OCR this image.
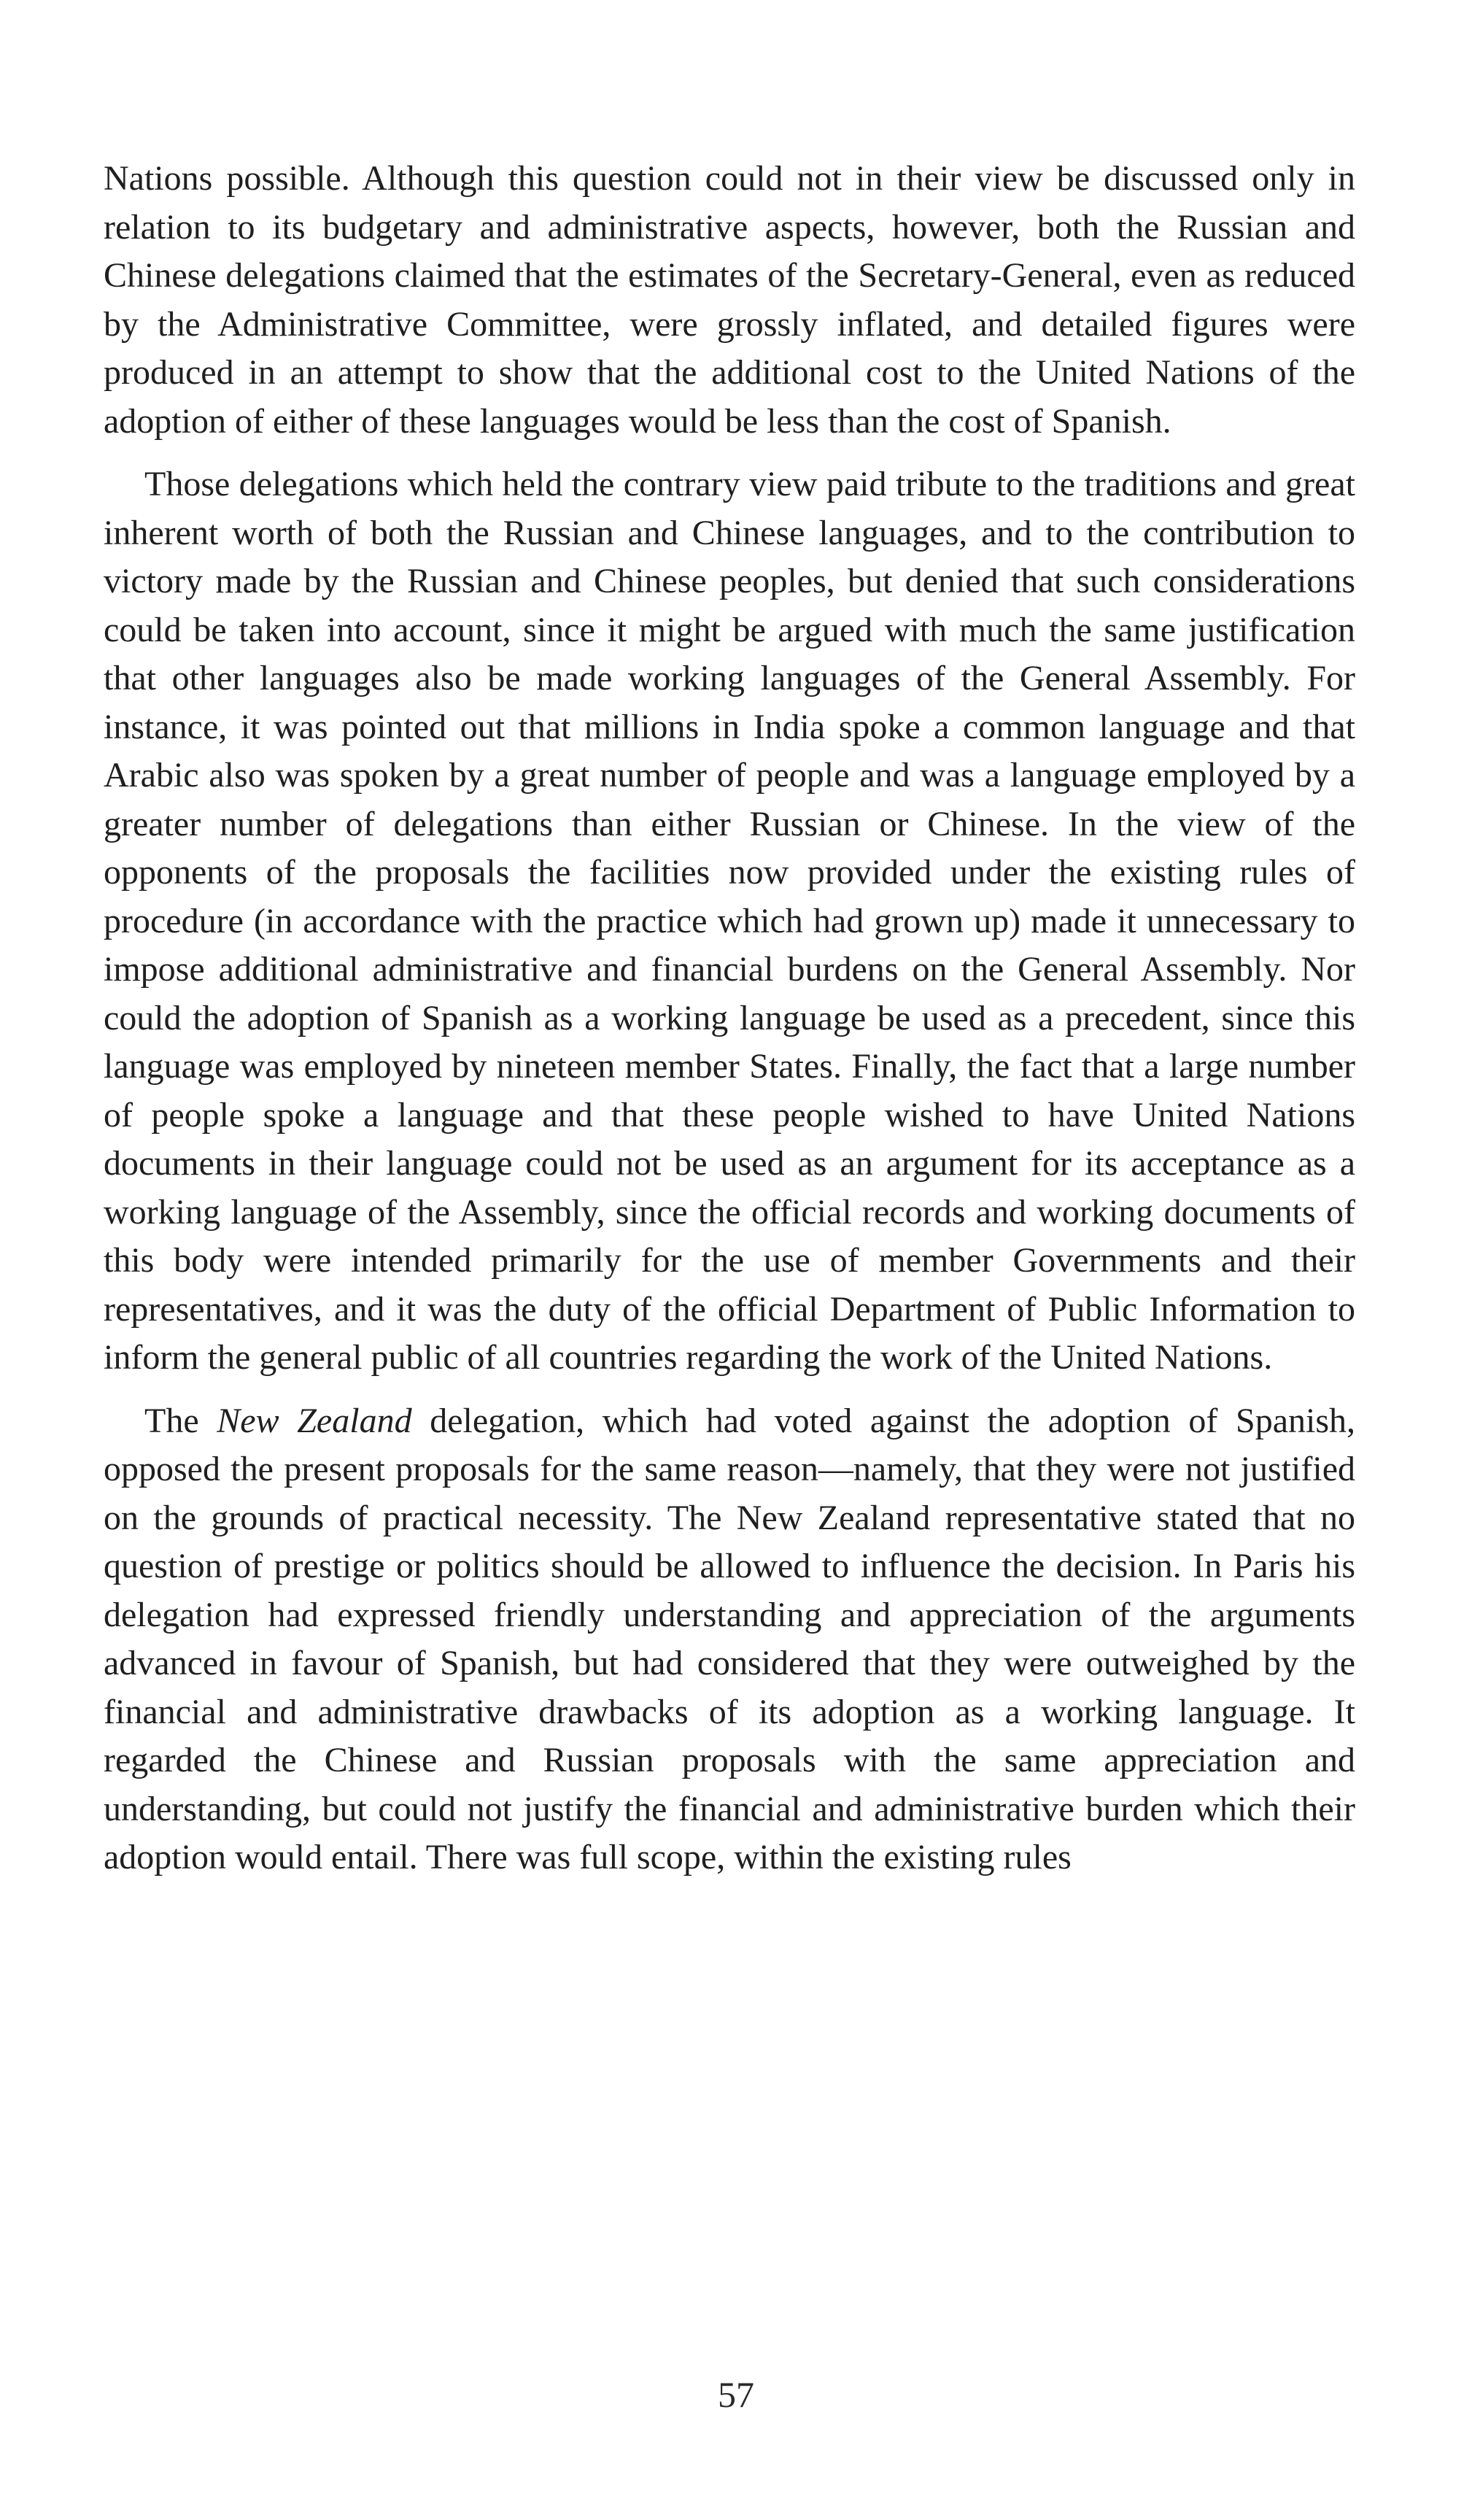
Nations possible. Although this question could not in their view be discussed only in relation to its budgetary and administrative aspects, however, both the Russian and Chinese delegations claimed that the estimates of the Secretary-General, even as reduced by the Administrative Committee, were grossly inflated, and detailed figures were produced in an attempt to show that the additional cost to the United Nations of the adoption of either of these languages would be less than the cost of Spanish.

Those delegations which held the contrary view paid tribute to the traditions and great inherent worth of both the Russian and Chinese languages, and to the contribution to victory made by the Russian and Chinese peoples, but denied that such considerations could be taken into account, since it might be argued with much the same justification that other languages also be made working languages of the General Assembly. For instance, it was pointed out that millions in India spoke a common language and that Arabic also was spoken by a great number of people and was a language employed by a greater number of delegations than either Russian or Chinese. In the view of the opponents of the proposals the facilities now provided under the existing rules of procedure (in accordance with the practice which had grown up) made it unnecessary to impose additional administrative and financial burdens on the General Assembly. Nor could the adoption of Spanish as a working language be used as a precedent, since this language was employed by nineteen member States. Finally, the fact that a large number of people spoke a language and that these people wished to have United Nations documents in their language could not be used as an argument for its acceptance as a working language of the Assembly, since the official records and working documents of this body were intended primarily for the use of member Governments and their representatives, and it was the duty of the official Department of Public Information to inform the general public of all countries regarding the work of the United Nations.

The New Zealand delegation, which had voted against the adoption of Spanish, opposed the present proposals for the same reason—namely, that they were not justified on the grounds of practical necessity. The New Zealand representative stated that no question of prestige or politics should be allowed to influence the decision. In Paris his delegation had expressed friendly understanding and appreciation of the arguments advanced in favour of Spanish, but had considered that they were outweighed by the financial and administrative drawbacks of its adoption as a working language. It regarded the Chinese and Russian proposals with the same appreciation and understanding, but could not justify the financial and administrative burden which their adoption would entail. There was full scope, within the existing rules

57
